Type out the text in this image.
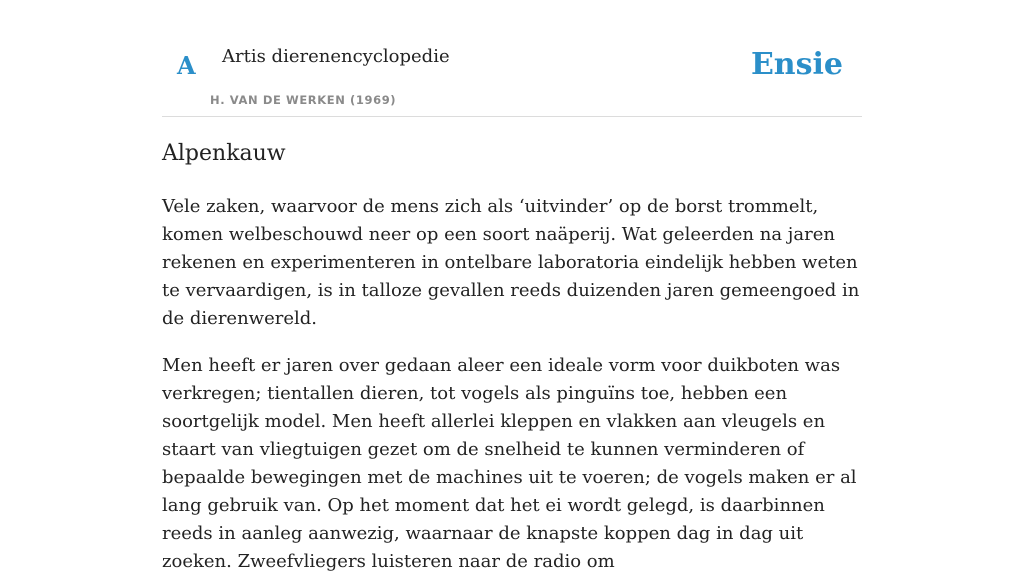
A Artis dierenencyclopedie
H. VAN DE WERKEN (1969)
Ensie
Alpenkauw

Vele zaken, waarvoor de mens zich als ‘uitvinder’ op de borst trommelt, komen welbeschouwd neer op een soort naäperij. Wat geleerden na jaren rekenen en experimenteren in ontelbare laboratoria eindelijk hebben weten te vervaardigen, is in talloze gevallen reeds duizenden jaren gemeengoed in de dierenwereld.

Men heeft er jaren over gedaan aleer een ideale vorm voor duikboten was verkregen; tientallen dieren, tot vogels als pinguïns toe, hebben een soortgelijk model. Men heeft allerlei kleppen en vlakken aan vleugels en staart van vliegtuigen gezet om de snelheid te kunnen verminderen of bepaalde bewegingen met de machines uit te voeren; de vogels maken er al lang gebruik van. Op het moment dat het ei wordt gelegd, is daarbinnen reeds in aanleg aanwezig, waarnaar de knapste koppen dag in dag uit zoeken. Zweefvliegers luisteren naar de radio om
